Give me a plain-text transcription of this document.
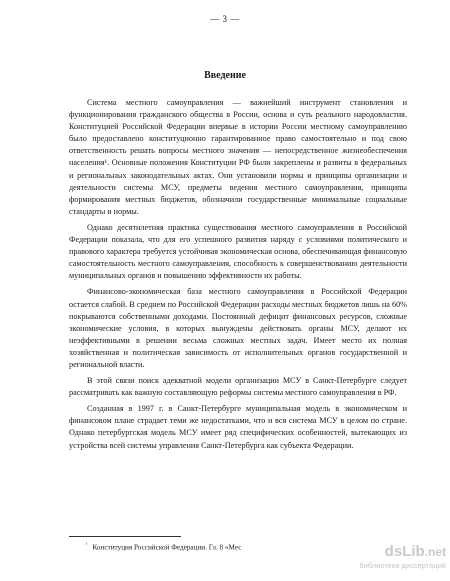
— 3 —
Введение

Система местного самоуправления — важнейший инструмент становления и функционирования гражданского общества в России, основа и суть реального народовластия. Конституцией Российской Федерации впервые в истории России местному самоуправлению было предоставлено конституционно гарантированное право самостоятельно и под свою ответственность решать вопросы местного значения — непосредственное жизнеобеспечения населения¹. Основные положения Конституции РФ были закреплены и развиты в федеральных и региональных законодательных актах. Они установили нормы и принципы организации и деятельности системы МСУ, предметы ведения местного самоуправления, принципы формирования местных бюджетов, обозначили государственные минимальные социальные стандарты и нормы.

Однако десятилетняя практика существования местного самоуправления в Российской Федерации показала, что для его успешного развития наряду с условиями политического и правового характера требуется устойчивая экономическая основа, обеспечивающая финансовую самостоятельность местного самоуправления, способность к совершенствованию деятельности муниципальных органов и повышению эффективности их работы.

Финансово-экономическая база местного самоуправления в Российской Федерации остается слабой. В среднем по Российской Федерации расходы местных бюджетов лишь на 60% покрываются собственными доходами. Постоянный дефицит финансовых ресурсов, сложные экономические условия, в которых вынуждены действовать органы МСУ, делают их неэффективными в решении весьма сложных местных задач. Имеет место их полная хозяйственная и политическая зависимость от исполнительных органов государственной и региональной власти.

В этой связи поиск адекватной модели организации МСУ в Санкт-Петербурге следует рассматривать как важную составляющую реформы системы местного самоуправления в РФ.

Созданная в 1997 г. в Санкт-Петербурге муниципальная модель в экономическом и финансовом плане страдает теми же недостатками, что и вся система МСУ в целом по стране. Однако петербургская модель МСУ имеет ряд специфических особенностей, вытекающих из устройства всей системы управления Санкт-Петербурга как субъекта Федерации.

$^{^1}$ Конституция Российской Федерации. Гл. 8 «Мес	dsLib .net
библиотека диссертаций
